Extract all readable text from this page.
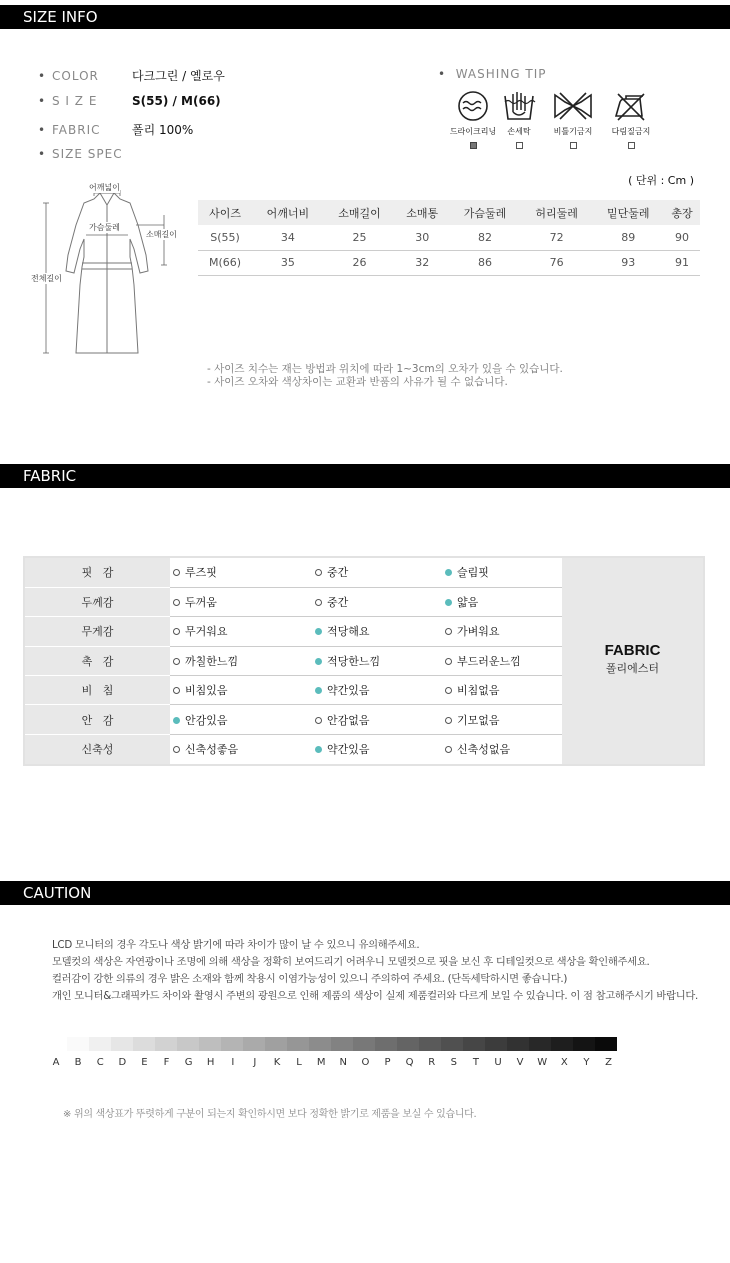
SIZE INFO
• COLOR	다크그린 / 옐로우
• S I Z E	S(55) / M(66)
• FABRIC	폴리 100%
• SIZE SPEC
•  WASHING TIP
드라이크리닝	손세탁	비틀기금지	다림질금지
( 단위 : Cm )
어깨넓이
가슴둘레
소매길이
전체길이
사이즈	어깨너비	소매길이	소매통	가슴둘레	허리둘레	밑단둘레	총장
S(55)	34	25	30	82	72	89	90
M(66)	35	26	32	86	76	93	91
- 사이즈 치수는 재는 방법과 위치에 따라 1~3cm의 오차가 있을 수 있습니다.
- 사이즈 오차와 색상차이는 교환과 반품의 사유가 될 수 없습니다.
FABRIC
핏   감	루즈핏	중간	슬림핏
두께감	두꺼움	중간	얇음
무게감	무거워요	적당해요	가벼워요
촉   감	까칠한느낌	적당한느낌	부드러운느낌
비   침	비침있음	약간있음	비침없음
안   감	안감있음	안감없음	기모없음
신축성	신축성좋음	약간있음	신축성없음
FABRIC
폴리에스터
CAUTION

LCD 모니터의 경우 각도나 색상 밝기에 따라 차이가 많이 날 수 있으니 유의해주세요.

모델컷의 색상은 자연광이나 조명에 의해 색상을 정확히 보여드리기 어려우니 모델컷으로 핏을 보신 후 디테일컷으로 색상을 확인해주세요.

컬러감이 강한 의류의 경우 밝은 소재와 함께 착용시 이염가능성이 있으니 주의하여 주세요. (단독세탁하시면 좋습니다.)

개인 모니터&그래픽카드 차이와 촬영시 주변의 광원으로 인해 제품의 색상이 실제 제품컬러와 다르게 보일 수 있습니다. 이 점 참고해주시기 바랍니다.

A	B	C	D	E	F	G	H	I	J	K	L	M	N	O	P	Q	R	S	T	U	V	W	X	Y	Z
※ 위의 색상표가 뚜렷하게 구분이 되는지 확인하시면 보다 정확한 밝기로 제품을 보실 수 있습니다.
